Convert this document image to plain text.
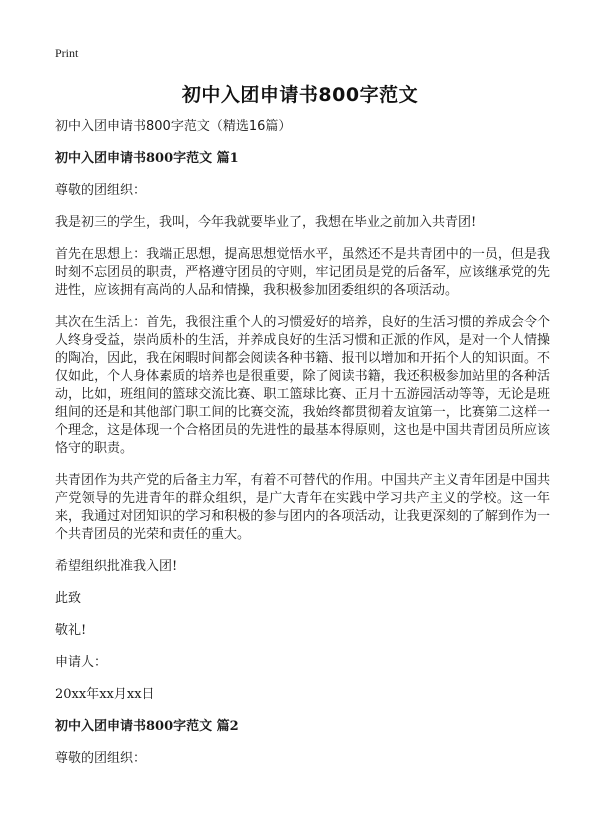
Print
初中入团申请书800字范文

初中入团申请书800字范文（精选16篇）

初中入团申请书800字范文 篇1

尊敬的团组织：

我是初三的学生，我叫，今年我就要毕业了，我想在毕业之前加入共青团!

首先在思想上：我端正思想，提高思想觉悟水平，虽然还不是共青团中的一员，但是我时刻不忘团员的职责，严格遵守团员的守则，牢记团员是党的后备军，应该继承党的先进性，应该拥有高尚的人品和情操，我积极参加团委组织的各项活动。

其次在生活上：首先，我很注重个人的习惯爱好的培养，良好的生活习惯的养成会令个人终身受益，崇尚质朴的生活，并养成良好的生活习惯和正派的作风，是对一个人情操的陶冶，因此，我在闲暇时间都会阅读各种书籍、报刊以增加和开拓个人的知识面。不仅如此，个人身体素质的培养也是很重要，除了阅读书籍，我还积极参加站里的各种活动，比如，班组间的篮球交流比赛、职工篮球比赛、正月十五游园活动等等，无论是班组间的还是和其他部门职工间的比赛交流，我始终都贯彻着友谊第一，比赛第二这样一个理念，这是体现一个合格团员的先进性的最基本得原则，这也是中国共青团员所应该恪守的职责。

共青团作为共产党的后备主力军，有着不可替代的作用。中国共产主义青年团是中国共产党领导的先进青年的群众组织，是广大青年在实践中学习共产主义的学校。这一年来，我通过对团知识的学习和积极的参与团内的各项活动，让我更深刻的了解到作为一个共青团员的光荣和责任的重大。

希望组织批准我入团!

此致

敬礼!

申请人：

20xx年xx月xx日

初中入团申请书800字范文 篇2

尊敬的团组织：
